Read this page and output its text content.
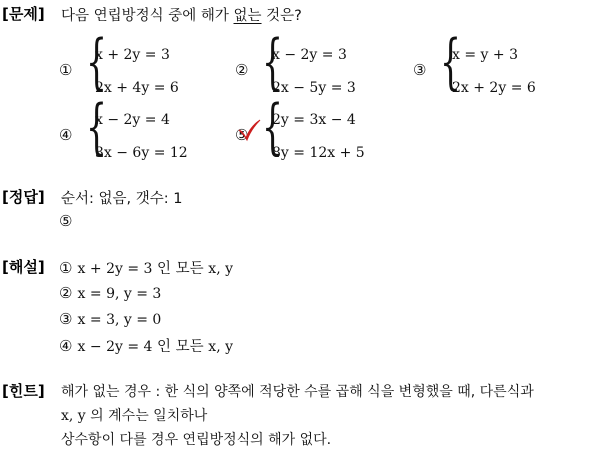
[문제] 다음 연립방정식 중에 해가 없는 것은?
① {
x + 2y = 3
2x + 4y = 6
② {
x − 2y = 3
2x − 5y = 3
③ {
x = y + 3
2x + 2y = 6
④ {
x − 2y = 4
3x − 6y = 12
⑤ {
2y = 3x − 4
8y = 12x + 5
[정답] 순서: 없음, 갯수: 1
⑤
[해설] ① x + 2y = 3 인 모든 x, y
② x = 9, y = 3
③ x = 3, y = 0
④ x − 2y = 4 인 모든 x, y
[힌트] 해가 없는 경우 : 한 식의 양쪽에 적당한 수를 곱해 식을 변형했을 때, 다른식과
x, y 의 계수는 일치하나
상수항이 다를 경우 연립방정식의 해가 없다.
